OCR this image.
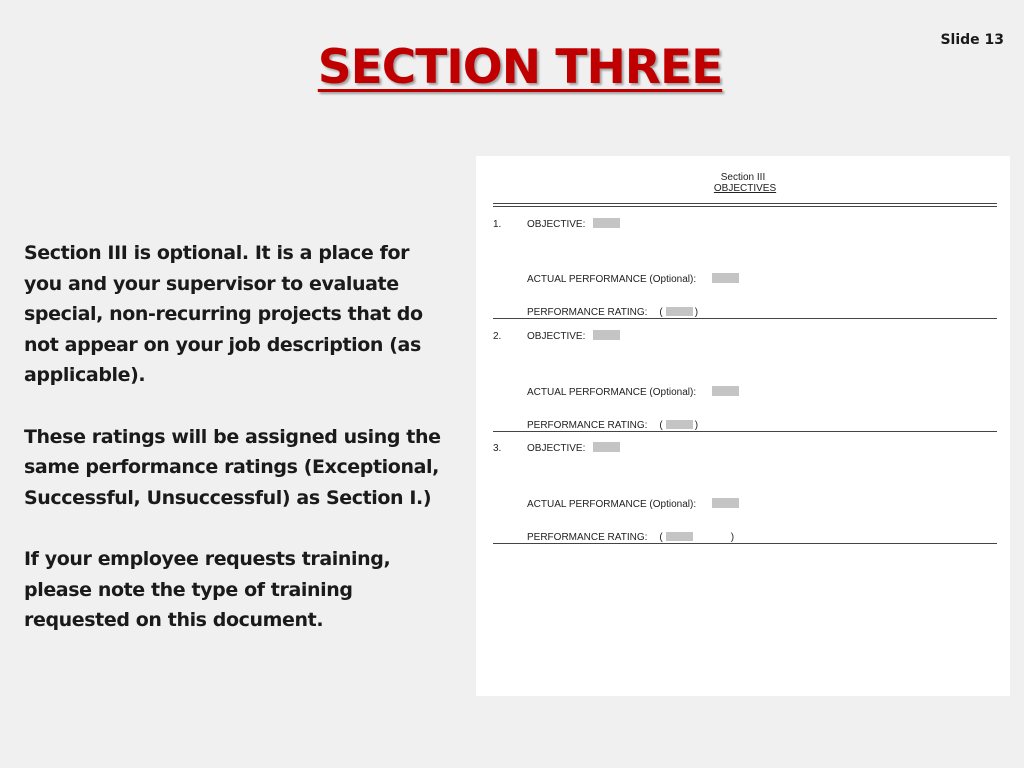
Slide 13
SECTION THREE

Section III is optional. It is a place for you and your supervisor to evaluate special, non-recurring projects that do not appear on your job description (as applicable).

These ratings will be assigned using the same performance ratings (Exceptional, Successful, Unsuccessful) as Section I.)

If your employee requests training, please note the type of training requested on this document.

Section III
OBJECTIVES
1.	OBJECTIVE:
ACTUAL PERFORMANCE (Optional):
PERFORMANCE RATING: (	)
2.	OBJECTIVE:
ACTUAL PERFORMANCE (Optional):
PERFORMANCE RATING: (	)
3.	OBJECTIVE:
ACTUAL PERFORMANCE (Optional):
PERFORMANCE RATING: (	)
